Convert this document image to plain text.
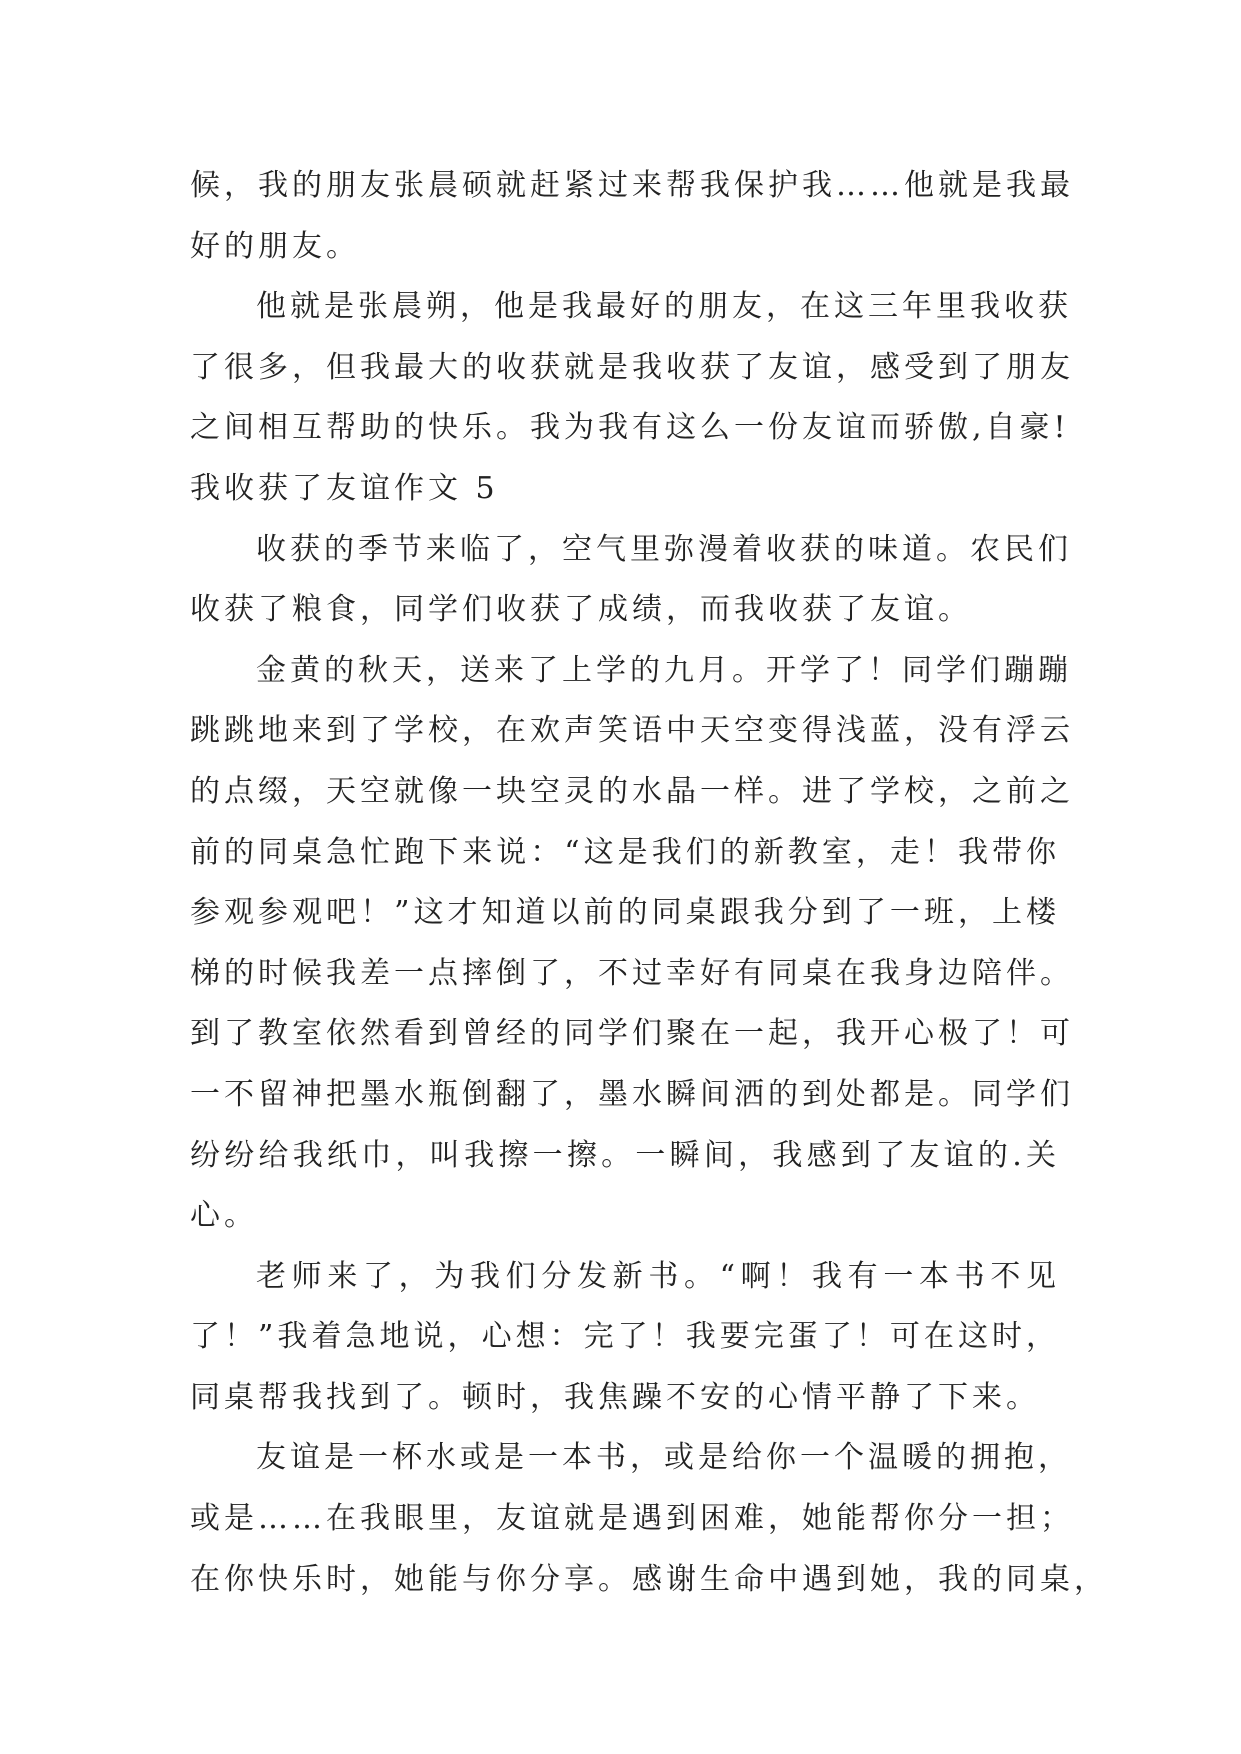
候，我的朋友张晨硕就赶紧过来帮我保护我……他就是我最
好的朋友。
他就是张晨朔，他是我最好的朋友，在这三年里我收获
了很多，但我最大的收获就是我收获了友谊，感受到了朋友
之间相互帮助的快乐。我为我有这么一份友谊而骄傲,自豪!
我收获了友谊作文 5
收获的季节来临了，空气里弥漫着收获的味道。农民们
收获了粮食，同学们收获了成绩，而我收获了友谊。
金黄的秋天，送来了上学的九月。开学了！同学们蹦蹦
跳跳地来到了学校，在欢声笑语中天空变得浅蓝，没有浮云
的点缀，天空就像一块空灵的水晶一样。进了学校，之前之
前的同桌急忙跑下来说：“这是我们的新教室，走！我带你
参观参观吧！”这才知道以前的同桌跟我分到了一班，上楼
梯的时候我差一点摔倒了，不过幸好有同桌在我身边陪伴。
到了教室依然看到曾经的同学们聚在一起，我开心极了！可
一不留神把墨水瓶倒翻了，墨水瞬间洒的到处都是。同学们
纷纷给我纸巾，叫我擦一擦。一瞬间，我感到了友谊的.关
心。
老师来了，为我们分发新书。“啊！我有一本书不见
了！”我着急地说，心想：完了！我要完蛋了！可在这时，
同桌帮我找到了。顿时，我焦躁不安的心情平静了下来。
友谊是一杯水或是一本书，或是给你一个温暖的拥抱，
或是……在我眼里，友谊就是遇到困难，她能帮你分一担；
在你快乐时，她能与你分享。感谢生命中遇到她，我的同桌，
